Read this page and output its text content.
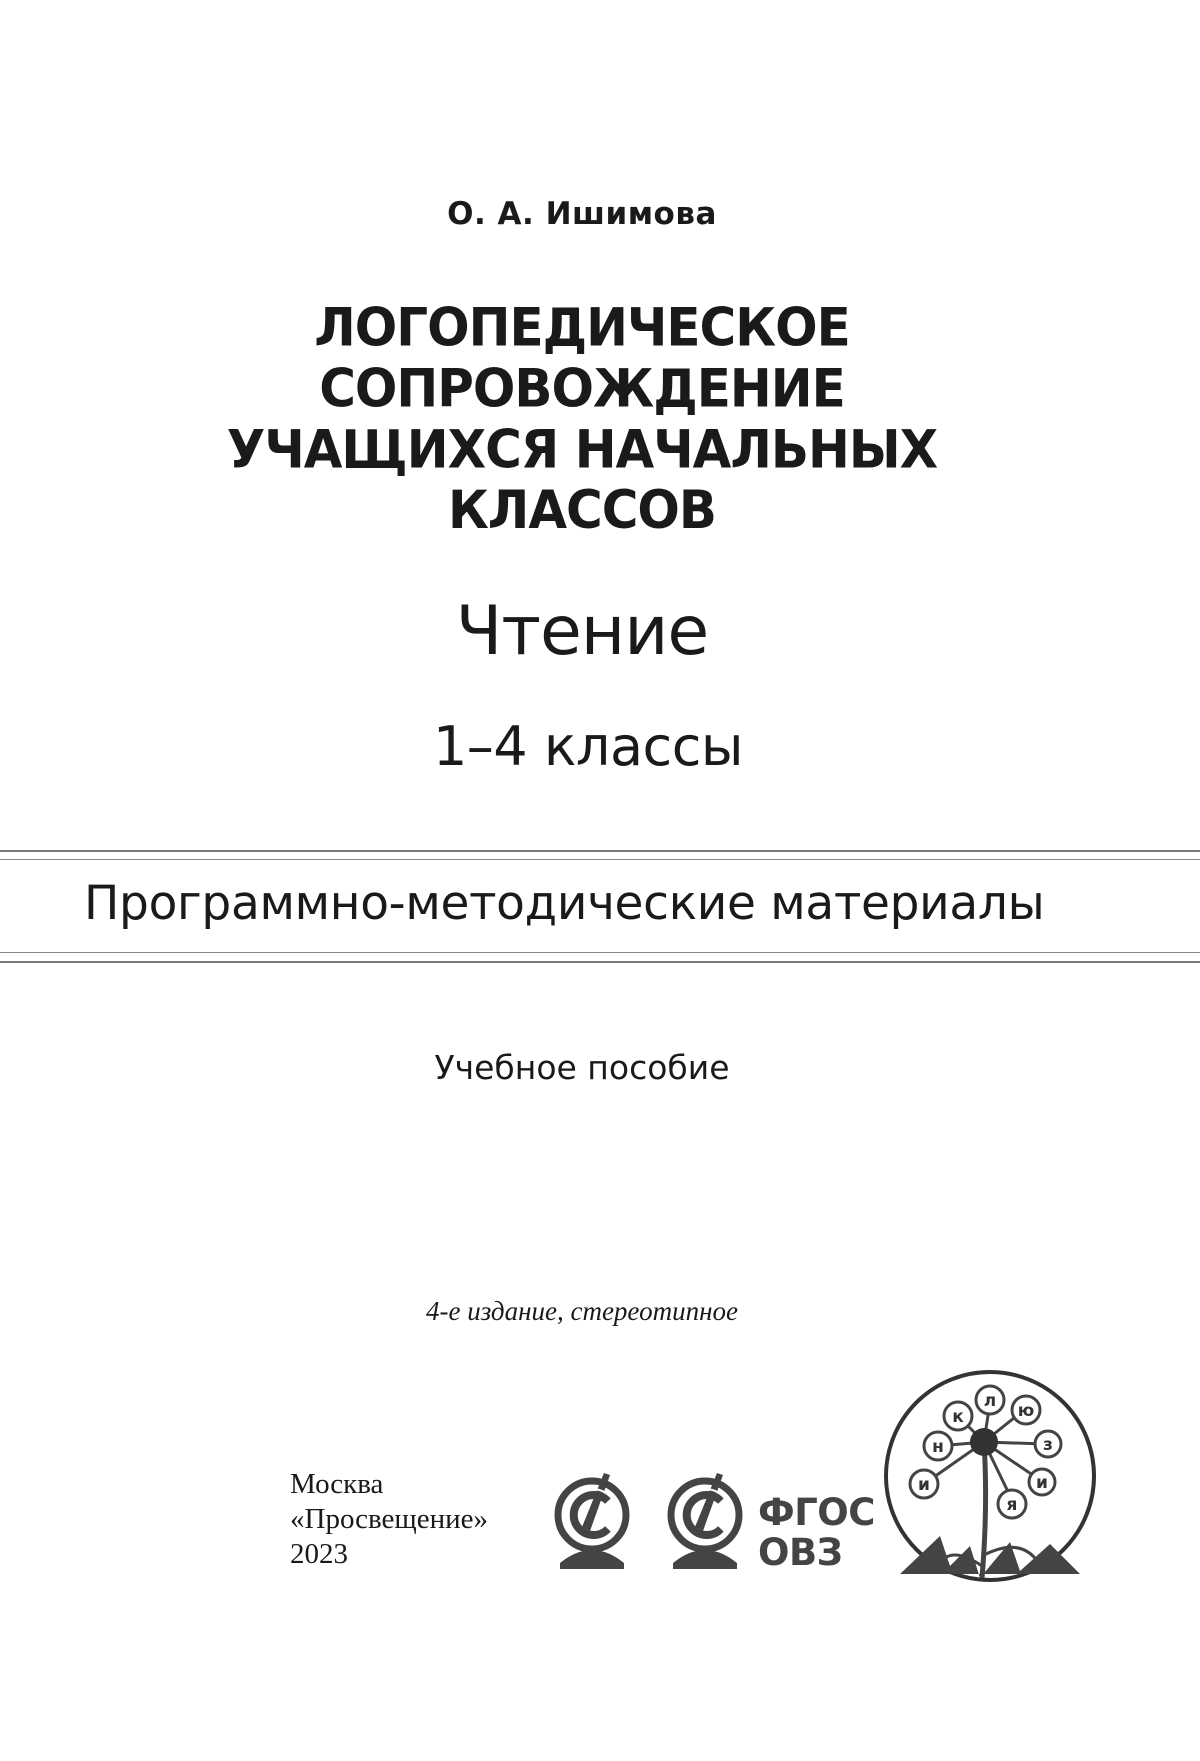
О. А. Ишимова
ЛОГОПЕДИЧЕСКОЕ
СОПРОВОЖДЕНИЕ
УЧАЩИХСЯ НАЧАЛЬНЫХ
КЛАССОВ
Чтение
1–4 классы
Программно-методические материалы
Учебное пособие
4-е издание, стереотипное
Москва
«Просвещение»
2023
ФГОС
ОВЗ
и
н
к
л ю
з
и
я
